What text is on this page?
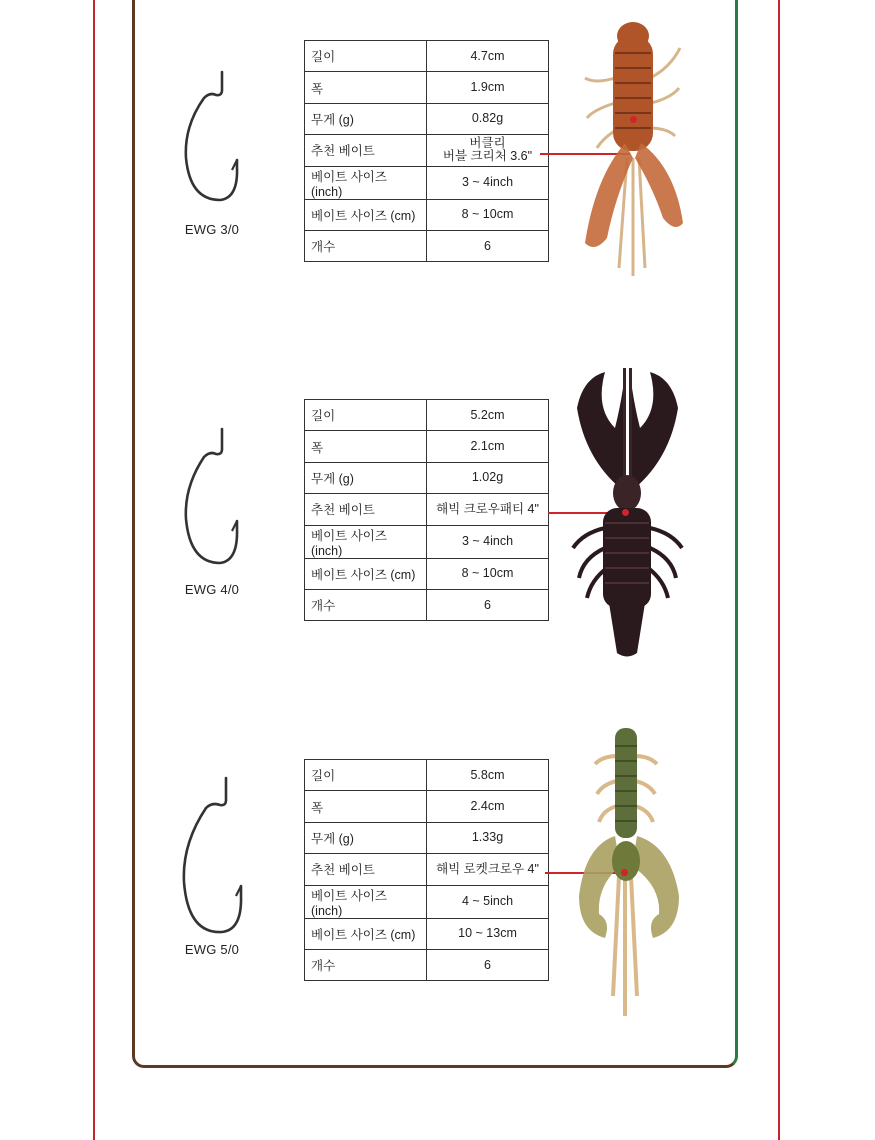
EWG 3/0
길이	4.7cm
폭	1.9cm
무게 (g)	0.82g
추천 베이트	버클리
버블 크리처 3.6"

베이트 사이즈 (inch)	3 ~ 4inch
베이트 사이즈 (cm)	8 ~ 10cm
개수	6
EWG 4/0
길이	5.2cm
폭	2.1cm
무게 (g)	1.02g
추천 베이트	해빅 크로우패티 4"
베이트 사이즈 (inch)	3 ~ 4inch
베이트 사이즈 (cm)	8 ~ 10cm
개수	6
EWG 5/0
길이	5.8cm
폭	2.4cm
무게 (g)	1.33g
추천 베이트	해빅 로켓크로우 4"
베이트 사이즈 (inch)	4 ~ 5inch
베이트 사이즈 (cm)	10 ~ 13cm
개수	6
